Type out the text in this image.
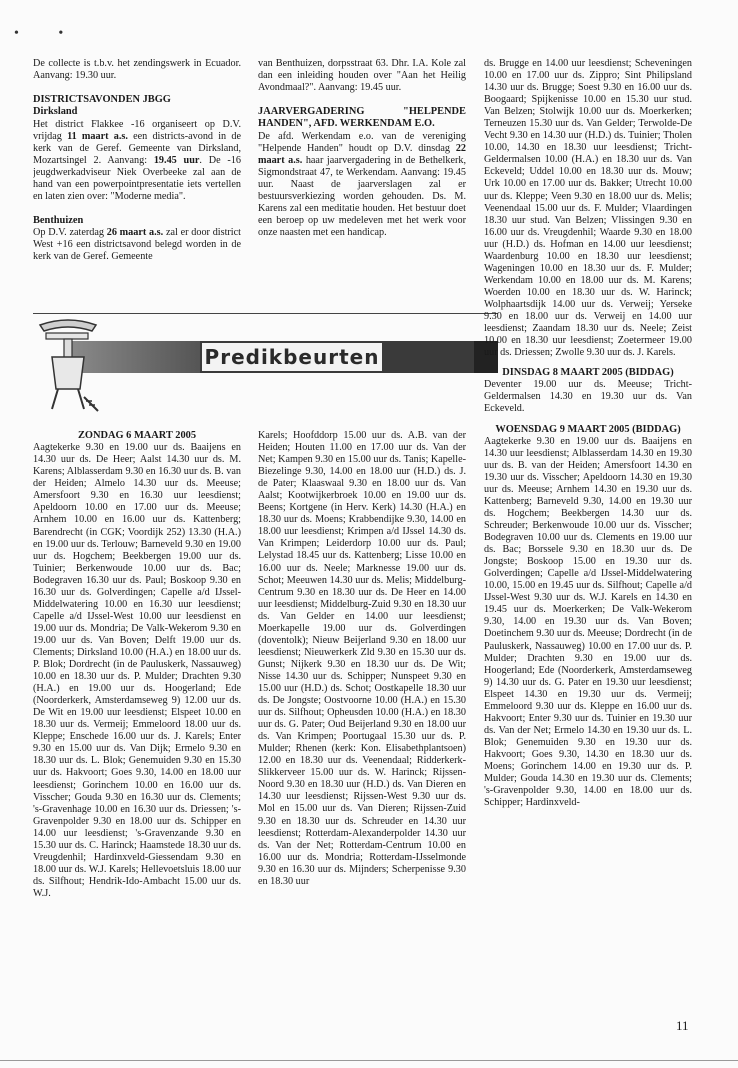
• •

De collecte is t.b.v. het zendingswerk in Ecuador. Aanvang: 19.30 uur.

DISTRICTSAVONDEN JBGG
Dirksland

Het district Flakkee -16 organiseert op D.V. vrijdag 11 maart a.s. een districts-avond in de kerk van de Geref. Gemeente van Dirksland, Mozartsingel 2. Aanvang: 19.45 uur. De -16 jeugdwerkadviseur Niek Overbeeke zal aan de hand van een powerpointpresentatie iets vertellen en laten zien over: "Moderne media".

Benthuizen

Op D.V. zaterdag 26 maart a.s. zal er door district West +16 een districtsavond belegd worden in de kerk van de Geref. Gemeente

van Benthuizen, dorpsstraat 63. Dhr. I.A. Kole zal dan een inleiding houden over "Aan het Heilig Avondmaal?". Aanvang: 19.45 uur.

JAARVERGADERING "HELPENDE HANDEN", AFD. WERKENDAM E.O.

De afd. Werkendam e.o. van de vereniging "Helpende Handen" houdt op D.V. dinsdag 22 maart a.s. haar jaarvergadering in de Bethelkerk, Sigmondstraat 47, te Werkendam. Aanvang: 19.45 uur. Naast de jaarverslagen zal er bestuursverkiezing worden gehouden. Ds. M. Karens zal een meditatie houden. Het bestuur doet een beroep op uw medeleven met het werk voor onze naasten met een handicap.

Predikbeurten
ZONDAG 6 MAART 2005

Aagtekerke 9.30 en 19.00 uur ds. Baaijens en 14.30 uur ds. De Heer; Aalst 14.30 uur ds. M. Karens; Alblasserdam 9.30 en 16.30 uur ds. B. van der Heiden; Almelo 14.30 uur ds. Meeuse; Amersfoort 9.30 en 16.30 uur leesdienst; Apeldoorn 10.00 en 17.00 uur ds. Meeuse; Arnhem 10.00 en 16.00 uur ds. Kattenberg; Barendrecht (in CGK; Voordijk 252) 13.30 (H.A.) en 19.00 uur ds. Terlouw; Barneveld 9.30 en 19.00 uur ds. Hogchem; Beekbergen 19.00 uur ds. Tuinier; Berkenwoude 10.00 uur ds. Bac; Bodegraven 16.30 uur ds. Paul; Boskoop 9.30 en 16.30 uur ds. Golverdingen; Capelle a/d IJssel-Middelwatering 10.00 en 16.30 uur leesdienst; Capelle a/d IJssel-West 10.00 uur leesdienst en 19.00 uur ds. Mondria; De Valk-Wekerom 9.30 en 19.00 uur ds. Van Boven; Delft 19.00 uur ds. Clements; Dirksland 10.00 (H.A.) en 18.00 uur ds. P. Blok; Dordrecht (in de Pauluskerk, Nassauweg) 10.00 en 18.30 uur ds. P. Mulder; Drachten 9.30 (H.A.) en 19.00 uur ds. Hoogerland; Ede (Noorderkerk, Amsterdamseweg 9) 12.00 uur ds. De Wit en 19.00 uur leesdienst; Elspeet 10.00 en 18.30 uur ds. Vermeij; Emmeloord 18.00 uur ds. Kleppe; Enschede 16.00 uur ds. J. Karels; Enter 9.30 en 15.00 uur ds. Van Dijk; Ermelo 9.30 en 18.30 uur ds. L. Blok; Genemuiden 9.30 en 15.30 uur ds. Hakvoort; Goes 9.30, 14.00 en 18.00 uur leesdienst; Gorinchem 10.00 en 16.00 uur ds. Visscher; Gouda 9.30 en 16.30 uur ds. Clements; 's-Gravenhage 10.00 en 16.30 uur ds. Driessen; 's-Gravenpolder 9.30 en 18.00 uur ds. Schipper en 14.00 uur leesdienst; 's-Gravenzande 9.30 en 15.30 uur ds. C. Harinck; Haamstede 18.30 uur ds. Vreugdenhil; Hardinxveld-Giessendam 9.30 en 18.00 uur ds. W.J. Karels; Hellevoetsluis 18.00 uur ds. Silfhout; Hendrik-Ido-Ambacht 15.00 uur ds. W.J.

Karels; Hoofddorp 15.00 uur ds. A.B. van der Heiden; Houten 11.00 en 17.00 uur ds. Van der Net; Kampen 9.30 en 15.00 uur ds. Tanis; Kapelle-Biezelinge 9.30, 14.00 en 18.00 uur (H.D.) ds. J. de Pater; Klaaswaal 9.30 en 18.00 uur ds. Van Aalst; Kootwijkerbroek 10.00 en 19.00 uur ds. Beens; Kortgene (in Herv. Kerk) 14.30 (H.A.) en 18.30 uur ds. Moens; Krabbendijke 9.30, 14.00 en 18.00 uur leesdienst; Krimpen a/d IJssel 14.30 ds. Van Krimpen; Leiderdorp 10.00 uur ds. Paul; Lelystad 18.45 uur ds. Kattenberg; Lisse 10.00 en 16.00 uur ds. Neele; Marknesse 19.00 uur ds. Schot; Meeuwen 14.30 uur ds. Melis; Middelburg-Centrum 9.30 en 18.30 uur ds. De Heer en 14.00 uur leesdienst; Middelburg-Zuid 9.30 en 18.30 uur ds. Van Gelder en 14.00 uur leesdienst; Moerkapelle 19.00 uur ds. Golverdingen (doventolk); Nieuw Beijerland 9.30 en 18.00 uur leesdienst; Nieuwerkerk Zld 9.30 en 15.30 uur ds. Gunst; Nijkerk 9.30 en 18.30 uur ds. De Wit; Nisse 14.30 uur ds. Schipper; Nunspeet 9.30 en 15.00 uur (H.D.) ds. Schot; Oostkapelle 18.30 uur ds. De Jongste; Oostvoorne 10.00 (H.A.) en 15.30 uur ds. Silfhout; Opheusden 10.00 (H.A.) en 18.30 uur ds. G. Pater; Oud Beijerland 9.30 en 18.00 uur ds. Van Krimpen; Poortugaal 15.30 uur ds. P. Mulder; Rhenen (kerk: Kon. Elisabethplantsoen) 12.00 en 18.30 uur ds. Veenendaal; Ridderkerk-Slikkerveer 15.00 uur ds. W. Harinck; Rijssen-Noord 9.30 en 18.30 uur (H.D.) ds. Van Dieren en 14.30 uur leesdienst; Rijssen-West 9.30 uur ds. Mol en 15.00 uur ds. Van Dieren; Rijssen-Zuid 9.30 en 18.30 uur ds. Schreuder en 14.30 uur leesdienst; Rotterdam-Alexanderpolder 14.30 uur ds. Van der Net; Rotterdam-Centrum 10.00 en 16.00 uur ds. Mondria; Rotterdam-IJsselmonde 9.30 en 16.30 uur ds. Mijnders; Scherpenisse 9.30 en 18.30 uur

ds. Brugge en 14.00 uur leesdienst; Scheveningen 10.00 en 17.00 uur ds. Zippro; Sint Philipsland 14.30 uur ds. Brugge; Soest 9.30 en 16.00 uur ds. Boogaard; Spijkenisse 10.00 en 15.30 uur stud. Van Belzen; Stolwijk 10.00 uur ds. Moerkerken; Terneuzen 15.30 uur ds. Van Gelder; Terwolde-De Vecht 9.30 en 14.30 uur (H.D.) ds. Tuinier; Tholen 10.00, 14.30 en 18.30 uur leesdienst; Tricht-Geldermalsen 10.00 (H.A.) en 18.30 uur ds. Van Eckeveld; Uddel 10.00 en 18.30 uur ds. Mouw; Urk 10.00 en 17.00 uur ds. Bakker; Utrecht 10.00 uur ds. Kleppe; Veen 9.30 en 18.00 uur ds. Melis; Veenendaal 15.00 uur ds. F. Mulder; Vlaardingen 18.30 uur stud. Van Belzen; Vlissingen 9.30 en 16.00 uur ds. Vreugdenhil; Waarde 9.30 en 18.00 uur (H.D.) ds. Hofman en 14.00 uur leesdienst; Waardenburg 10.00 en 18.30 uur leesdienst; Wageningen 10.00 en 18.30 uur ds. F. Mulder; Werkendam 10.00 en 18.00 uur ds. M. Karens; Woerden 10.00 en 18.30 uur ds. W. Harinck; Wolphaartsdijk 14.00 uur ds. Verweij; Yerseke 9.30 en 18.00 uur ds. Verweij en 14.00 uur leesdienst; Zaandam 18.30 uur ds. Neele; Zeist 10.00 en 18.30 uur leesdienst; Zoetermeer 19.00 uur ds. Driessen; Zwolle 9.30 uur ds. J. Karels.

DINSDAG 8 MAART 2005 (BIDDAG)

Deventer 19.00 uur ds. Meeuse; Tricht-Geldermalsen 14.30 en 19.30 uur ds. Van Eckeveld.

WOENSDAG 9 MAART 2005 (BIDDAG)

Aagtekerke 9.30 en 19.00 uur ds. Baaijens en 14.30 uur leesdienst; Alblasserdam 14.30 en 19.30 uur ds. B. van der Heiden; Amersfoort 14.30 en 19.30 uur ds. Visscher; Apeldoorn 14.30 en 19.30 uur ds. Meeuse; Arnhem 14.30 en 19.30 uur ds. Kattenberg; Barneveld 9.30, 14.00 en 19.30 uur ds. Hogchem; Beekbergen 14.30 uur ds. Schreuder; Berkenwoude 10.00 uur ds. Visscher; Bodegraven 10.00 uur ds. Clements en 19.00 uur ds. Bac; Borssele 9.30 en 18.30 uur ds. De Jongste; Boskoop 15.00 en 19.30 uur ds. Golverdingen; Capelle a/d IJssel-Middelwatering 10.00, 15.00 en 19.45 uur ds. Silfhout; Capelle a/d IJssel-West 9.30 uur ds. W.J. Karels en 14.30 en 19.45 uur ds. Moerkerken; De Valk-Wekerom 9.30, 14.00 en 19.30 uur ds. Van Boven; Doetinchem 9.30 uur ds. Meeuse; Dordrecht (in de Pauluskerk, Nassauweg) 10.00 en 17.00 uur ds. P. Mulder; Drachten 9.30 en 19.00 uur ds. Hoogerland; Ede (Noorderkerk, Amsterdamseweg 9) 14.30 uur ds. G. Pater en 19.30 uur leesdienst; Elspeet 14.30 en 19.30 uur ds. Vermeij; Emmeloord 9.30 uur ds. Kleppe en 16.00 uur ds. Hakvoort; Enter 9.30 uur ds. Tuinier en 19.30 uur ds. Van der Net; Ermelo 14.30 en 19.30 uur ds. L. Blok; Genemuiden 9.30 en 19.30 uur ds. Hakvoort; Goes 9.30, 14.30 en 18.30 uur ds. Moens; Gorinchem 14.00 en 19.30 uur ds. P. Mulder; Gouda 14.30 en 19.30 uur ds. Clements; 's-Gravenpolder 9.30, 14.00 en 18.00 uur ds. Schipper; Hardinxveld-

11
